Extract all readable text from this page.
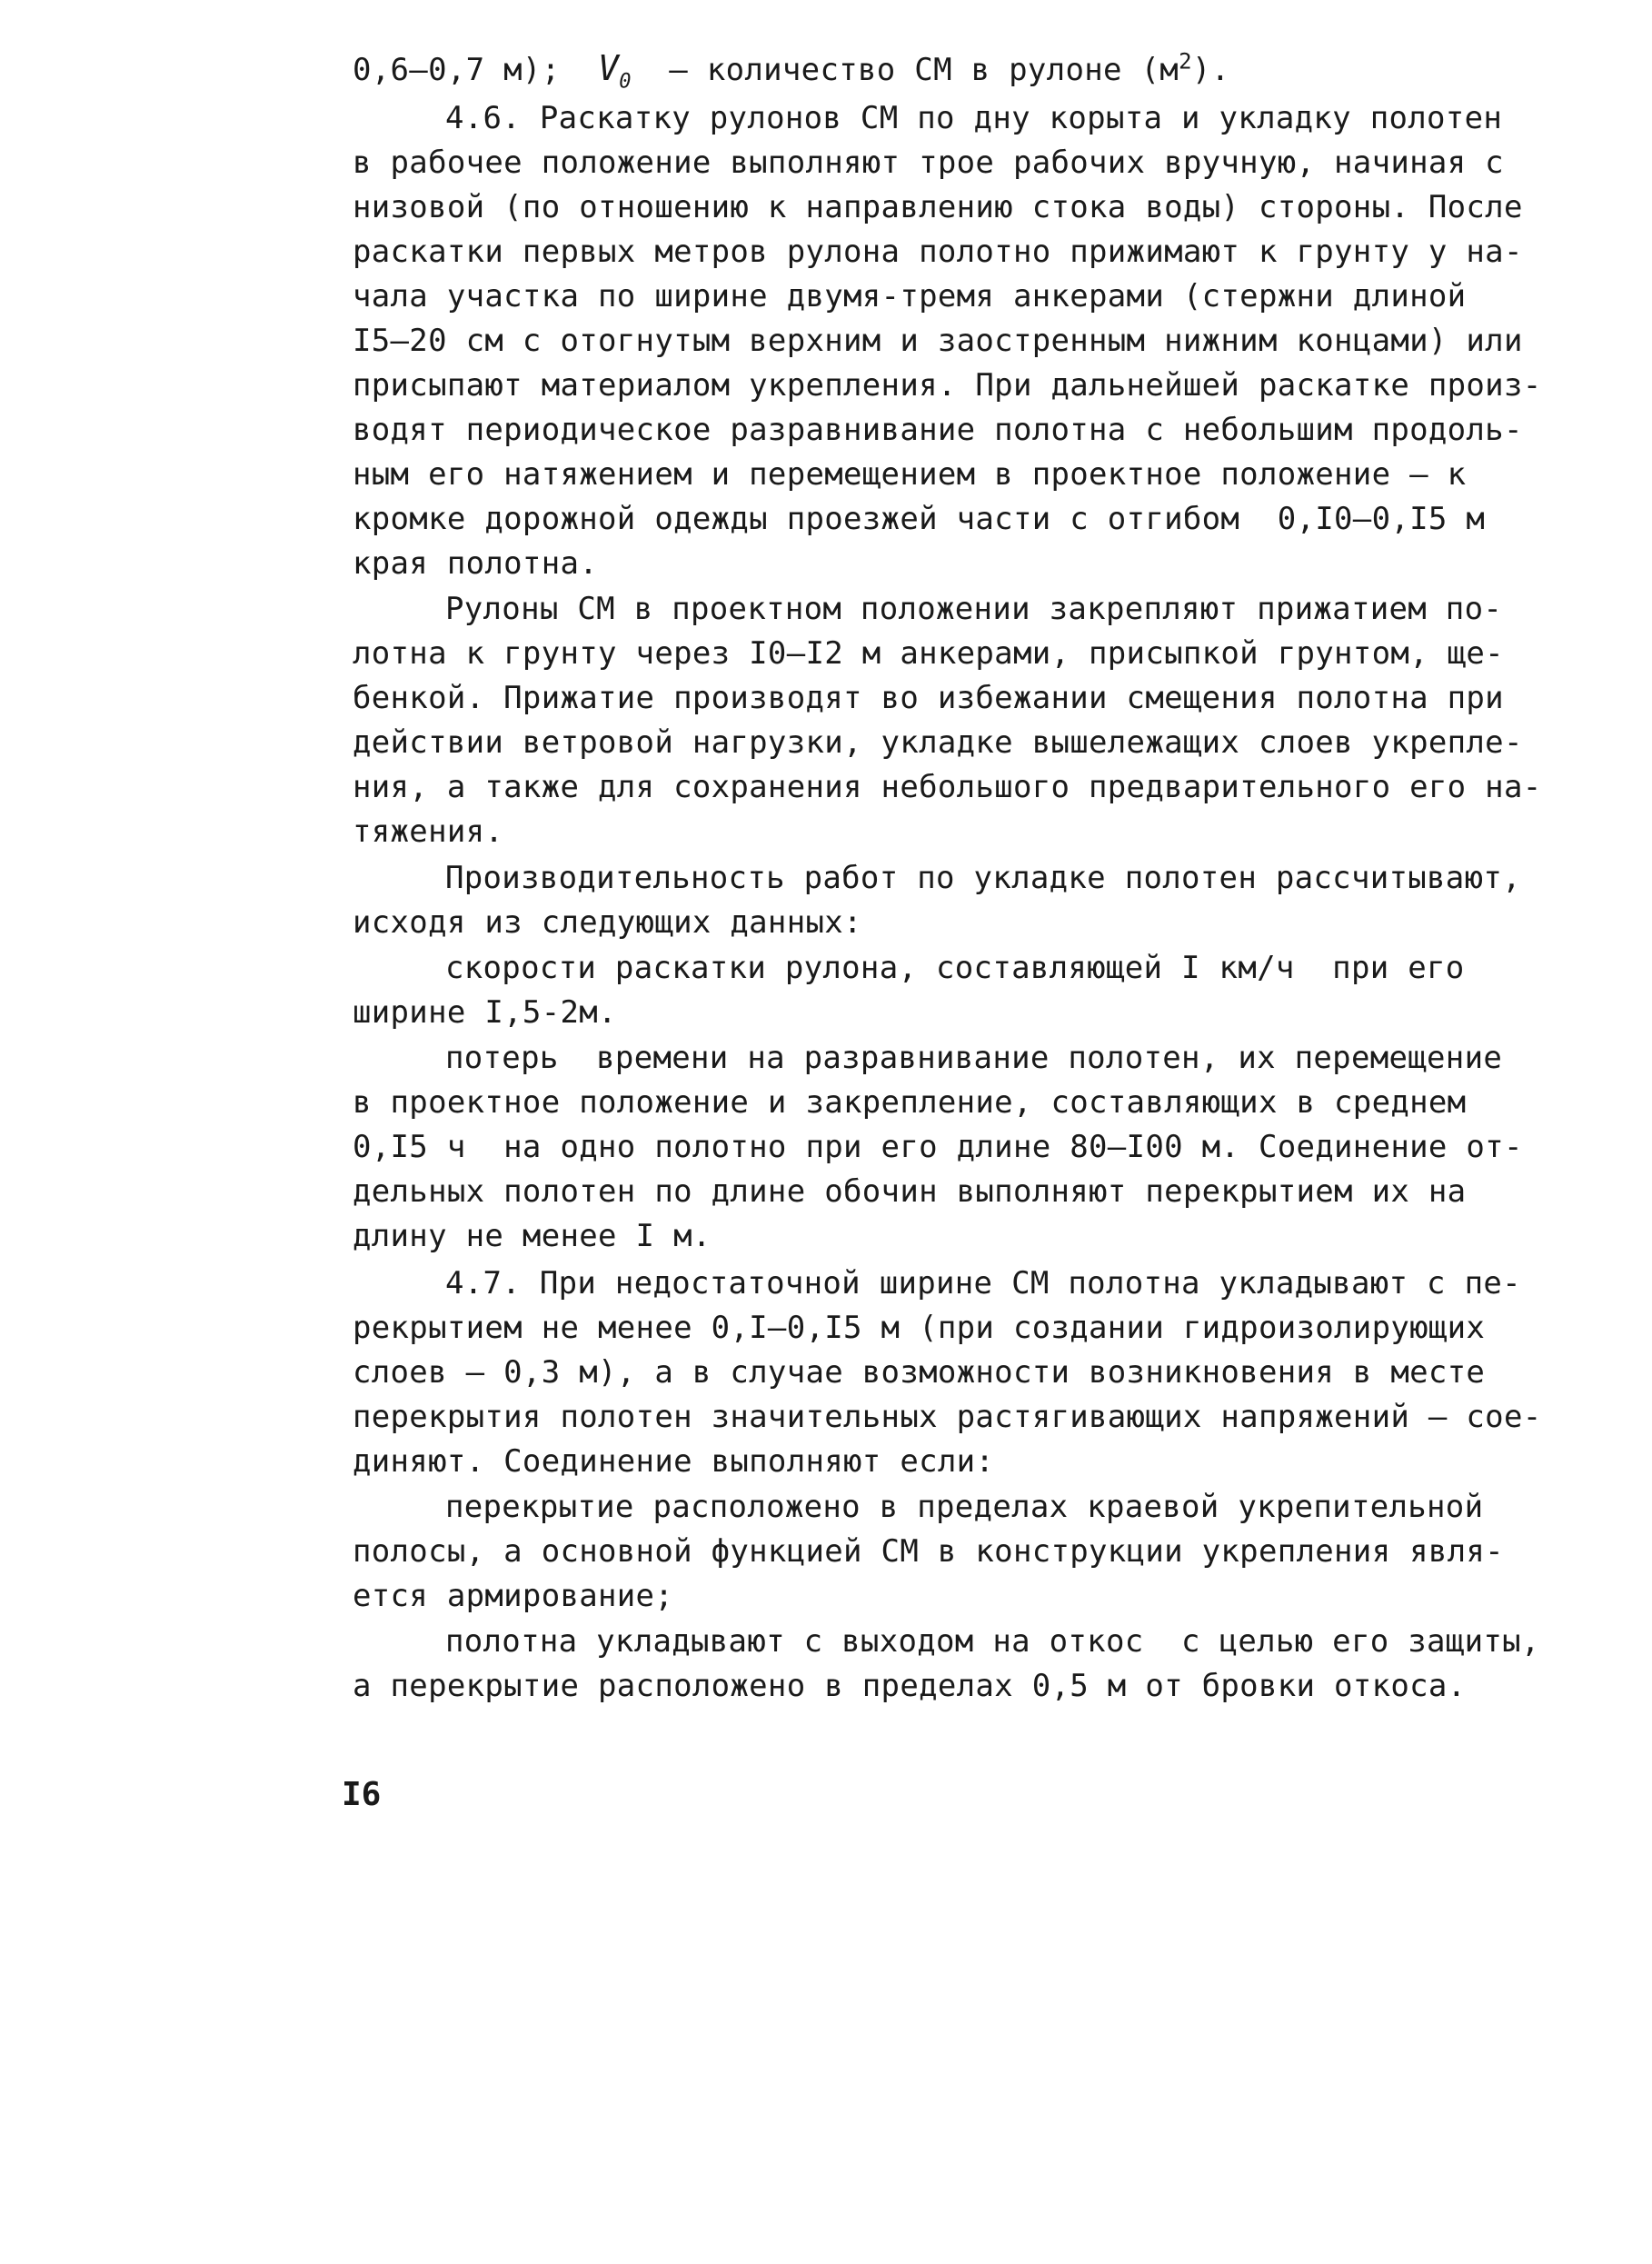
0,6–0,7 м);  $V_0$  – количество СМ в рулоне $(м^2)$.
4.6. Раскатку рулонов СМ по дну корыта и укладку полотен
в рабочее положение выполняют трое рабочих вручную, начиная с
низовой (по отношению к направлению стока воды) стороны. После
раскатки первых метров рулона полотно прижимают к грунту у на-
чала участка по ширине двумя-тремя анкерами (стержни длиной
I5–20 см с отогнутым верхним и заостренным нижним концами) или
присыпают материалом укрепления. При дальнейшей раскатке произ-
водят периодическое разравнивание полотна с небольшим продоль-
ным его натяжением и перемещением в проектное положение – к
кромке дорожной одежды проезжей части с отгибом  0,I0–0,I5 м
края полотна.
Рулоны СМ в проектном положении закрепляют прижатием по-
лотна к грунту через I0–I2 м анкерами, присыпкой грунтом, ще-
бенкой. Прижатие производят во избежании смещения полотна при
действии ветровой нагрузки, укладке вышележащих слоев укрепле-
ния, а также для сохранения небольшого предварительного его на-
тяжения.
Производительность работ по укладке полотен рассчитывают,
исходя из следующих данных:
скорости раскатки рулона, составляющей I км/ч  при его
ширине I,5-2м.
потерь  времени на разравнивание полотен, их перемещение
в проектное положение и закрепление, составляющих в среднем
0,I5 ч  на одно полотно при его длине 80–I00 м. Соединение от-
дельных полотен по длине обочин выполняют перекрытием их на
длину не менее I м.
4.7. При недостаточной ширине СМ полотна укладывают с пе-
рекрытием не менее 0,I–0,I5 м (при создании гидроизолирующих
слоев – 0,3 м), а в случае возможности возникновения в месте
перекрытия полотен значительных растягивающих напряжений – сое-
диняют. Соединение выполняют если:
перекрытие расположено в пределах краевой укрепительной
полосы, а основной функцией СМ в конструкции укрепления явля-
ется армирование;
полотна укладывают с выходом на откос  с целью его защиты,
а перекрытие расположено в пределах 0,5 м от бровки откоса.
I6
